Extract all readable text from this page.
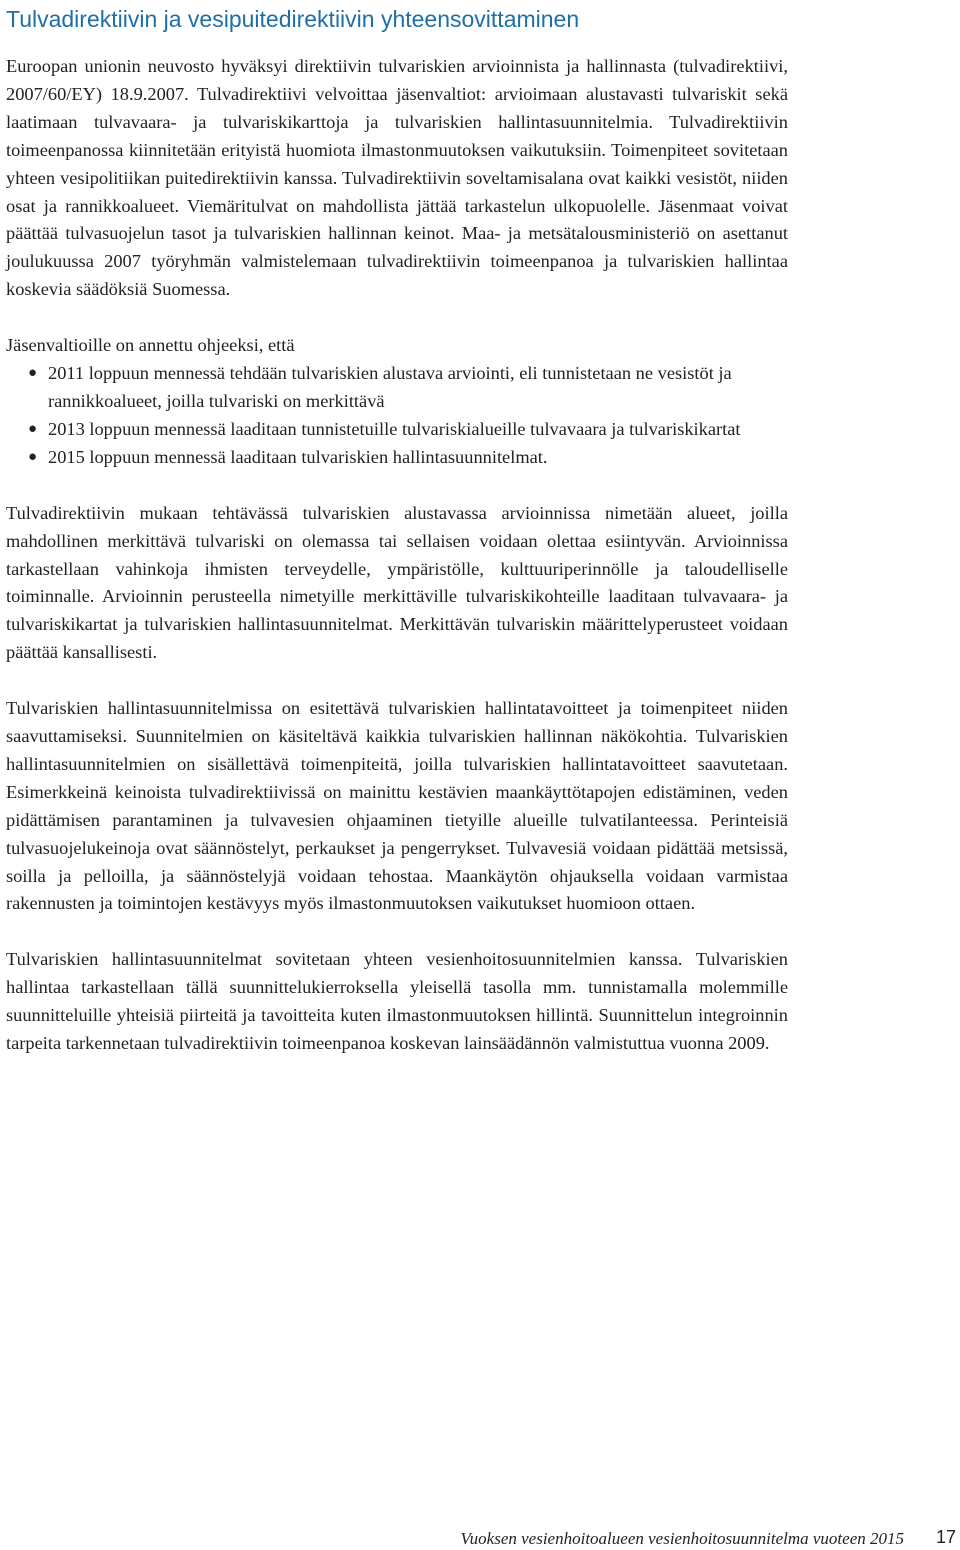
Tulvadirektiivin ja vesipuitedirektiivin yhteensovittaminen

Euroopan unionin neuvosto hyväksyi direktiivin tulvariskien arvioinnista ja hallinnasta (tulvadirektiivi, 2007/60/EY) 18.9.2007. Tulvadirektiivi velvoittaa jäsenvaltiot: arvioimaan alustavasti tulvariskit sekä laatimaan tulvavaara- ja tulvariskikarttoja ja tulvariskien hallintasuunnitelmia. Tulvadirektiivin toimeenpanossa kiinnitetään erityistä huomiota ilmastonmuutoksen vaikutuksiin. Toimenpiteet sovitetaan yhteen vesipolitiikan puitedirektiivin kanssa. Tulvadirektiivin soveltamisalana ovat kaikki vesistöt, niiden osat ja rannikkoalueet. Viemäritulvat on mahdollista jättää tarkastelun ulkopuolelle. Jäsenmaat voivat päättää tulvasuojelun tasot ja tulvariskien hallinnan keinot. Maa- ja metsätalousministeriö on asettanut joulukuussa 2007 työryhmän valmistelemaan tulvadirektiivin toimeenpanoa ja tulvariskien hallintaa koskevia säädöksiä Suomessa.

Jäsenvaltioille on annettu ohjeeksi, että

● 2011 loppuun mennessä tehdään tulvariskien alustava arviointi, eli tunnistetaan ne vesistöt ja rannikkoalueet, joilla tulvariski on merkittävä
● 2013 loppuun mennessä laaditaan tunnistetuille tulvariskialueille tulvavaara ja tulvariskikartat
● 2015 loppuun mennessä laaditaan tulvariskien hallintasuunnitelmat.

Tulvadirektiivin mukaan tehtävässä tulvariskien alustavassa arvioinnissa nimetään alueet, joilla mahdollinen merkittävä tulvariski on olemassa tai sellaisen voidaan olettaa esiintyvän. Arvioinnissa tarkastellaan vahinkoja ihmisten terveydelle, ympäristölle, kulttuuriperinnölle ja taloudelliselle toiminnalle. Arvioinnin perusteella nimetyille merkittäville tulvariskikohteille laaditaan tulvavaara- ja tulvariskikartat ja tulvariskien hallintasuunnitelmat. Merkittävän tulvariskin määrittelyperusteet voidaan päättää kansallisesti.

Tulvariskien hallintasuunnitelmissa on esitettävä tulvariskien hallintatavoitteet ja toimenpiteet niiden saavuttamiseksi. Suunnitelmien on käsiteltävä kaikkia tulvariskien hallinnan näkökohtia. Tulvariskien hallintasuunnitelmien on sisällettävä toimenpiteitä, joilla tulvariskien hallintatavoitteet saavutetaan. Esimerkkeinä keinoista tulvadirektiivissä on mainittu kestävien maankäyttötapojen edistäminen, veden pidättämisen parantaminen ja tulvavesien ohjaaminen tietyille alueille tulvatilanteessa. Perinteisiä tulvasuojelukeinoja ovat säännöstelyt, perkaukset ja pengerrykset. Tulvavesiä voidaan pidättää metsissä, soilla ja pelloilla, ja säännöstelyjä voidaan tehostaa. Maankäytön ohjauksella voidaan varmistaa rakennusten ja toimintojen kestävyys myös ilmastonmuutoksen vaikutukset huomioon ottaen.

Tulvariskien hallintasuunnitelmat sovitetaan yhteen vesienhoitosuunnitelmien kanssa. Tulvariskien hallintaa tarkastellaan tällä suunnittelukierroksella yleisellä tasolla mm. tunnistamalla molemmille suunnitteluille yhteisiä piirteitä ja tavoitteita kuten ilmastonmuutoksen hillintä. Suunnittelun integroinnin tarpeita tarkennetaan tulvadirektiivin toimeenpanoa koskevan lainsäädännön valmistuttua vuonna 2009.

Vuoksen vesienhoitoalueen vesienhoitosuunnitelma vuoteen 2015 17
